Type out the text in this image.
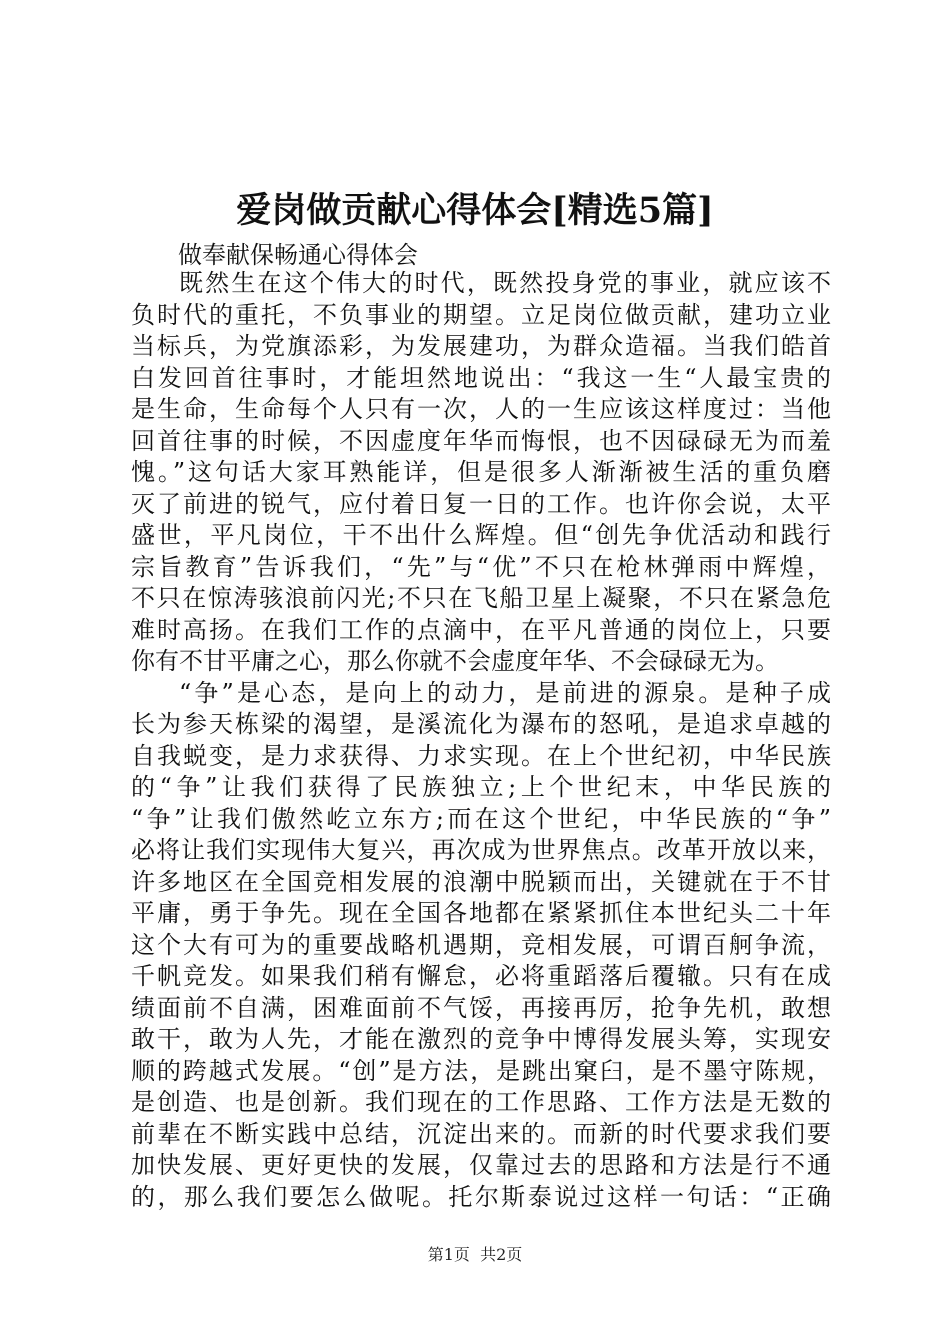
爱岗做贡献心得体会[精选5篇]

做奉献保畅通心得体会

既然生在这个伟大的时代，既然投身党的事业，就应该不
负时代的重托，不负事业的期望。立足岗位做贡献，建功立业
当标兵，为党旗添彩，为发展建功，为群众造福。当我们皓首
白发回首往事时，才能坦然地说出：“我这一生“人最宝贵的
是生命，生命每个人只有一次，人的一生应该这样度过：当他
回首往事的时候，不因虚度年华而悔恨，也不因碌碌无为而羞
愧。”这句话大家耳熟能详，但是很多人渐渐被生活的重负磨
灭了前进的锐气，应付着日复一日的工作。也许你会说，太平
盛世，平凡岗位，干不出什么辉煌。但“创先争优活动和践行
宗旨教育”告诉我们，“先”与“优”不只在枪林弹雨中辉煌，
不只在惊涛骇浪前闪光;不只在飞船卫星上凝聚，不只在紧急危
难时高扬。在我们工作的点滴中，在平凡普通的岗位上，只要
你有不甘平庸之心，那么你就不会虚度年华、不会碌碌无为。
“争”是心态，是向上的动力，是前进的源泉。是种子成
长为参天栋梁的渴望，是溪流化为瀑布的怒吼，是追求卓越的
自我蜕变，是力求获得、力求实现。在上个世纪初，中华民族
的“争”让我们获得了民族独立;上个世纪末，中华民族的
“争”让我们傲然屹立东方;而在这个世纪，中华民族的“争”
必将让我们实现伟大复兴，再次成为世界焦点。改革开放以来，
许多地区在全国竞相发展的浪潮中脱颖而出，关键就在于不甘
平庸，勇于争先。现在全国各地都在紧紧抓住本世纪头二十年
这个大有可为的重要战略机遇期，竞相发展，可谓百舸争流，
千帆竞发。如果我们稍有懈怠，必将重蹈落后覆辙。只有在成
绩面前不自满，困难面前不气馁，再接再厉，抢争先机，敢想
敢干，敢为人先，才能在激烈的竞争中博得发展头筹，实现安
顺的跨越式发展。“创”是方法，是跳出窠臼，是不墨守陈规，
是创造、也是创新。我们现在的工作思路、工作方法是无数的
前辈在不断实践中总结，沉淀出来的。而新的时代要求我们要
加快发展、更好更快的发展，仅靠过去的思路和方法是行不通
的，那么我们要怎么做呢。托尔斯泰说过这样一句话：“正确
第1页  共2页
